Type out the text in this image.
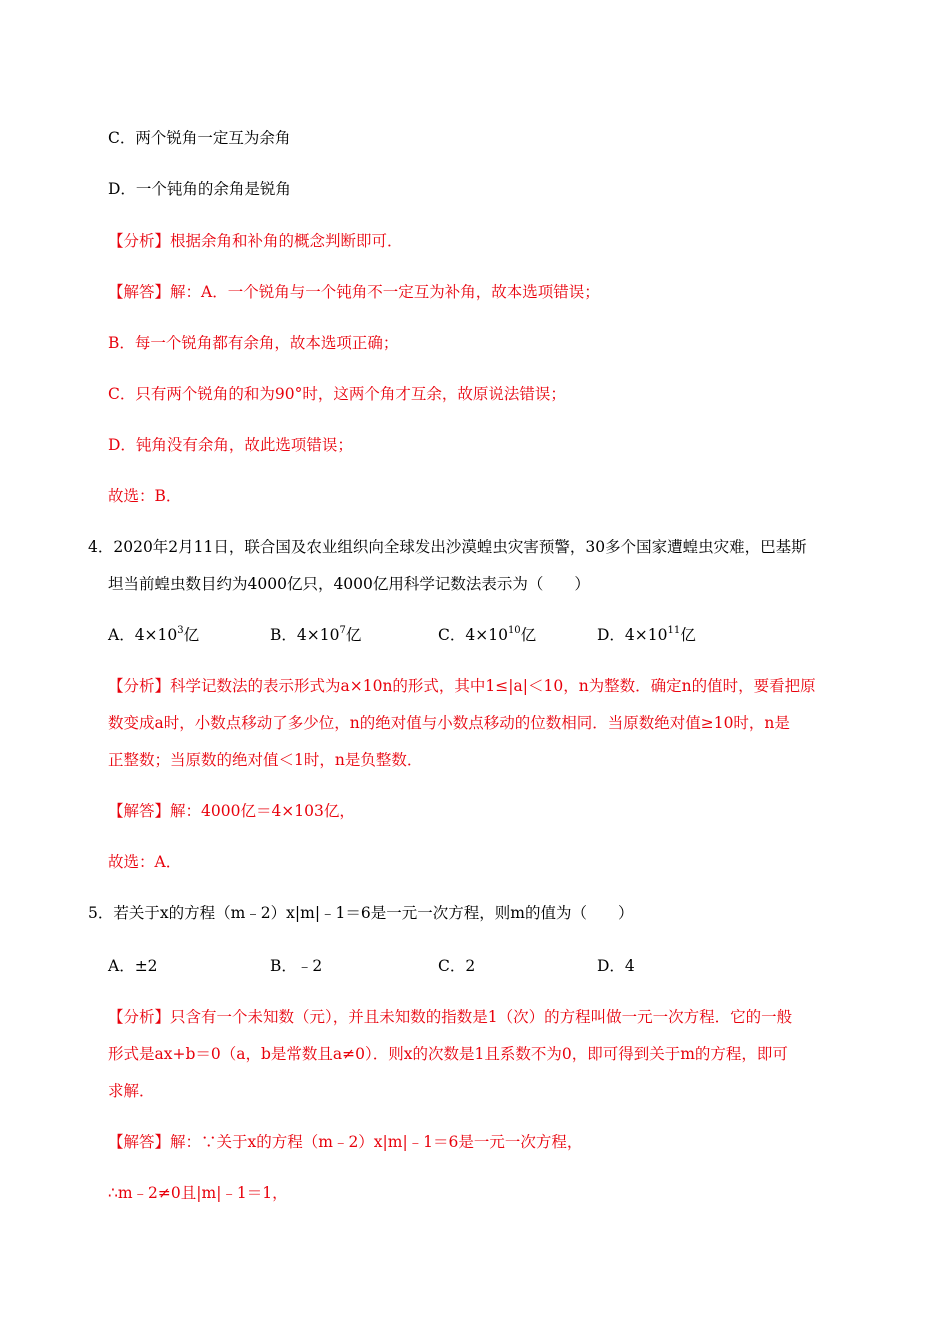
C．两个锐角一定互为余角
D．一个钝角的余角是锐角
【分析】根据余角和补角的概念判断即可．
【解答】解：A．一个锐角与一个钝角不一定互为补角，故本选项错误；
B．每一个锐角都有余角，故本选项正确；
C．只有两个锐角的和为90°时，这两个角才互余，故原说法错误；
D．钝角没有余角，故此选项错误；
故选：B．
4．2020年2月11日，联合国及农业组织向全球发出沙漠蝗虫灾害预警，30多个国家遭蝗虫灾难，巴基斯
坦当前蝗虫数目约为4000亿只，4000亿用科学记数法表示为（　　）
A．$4\times 10^3$亿	B．$4\times 10^7$亿	C．$4\times 10^{10}$亿	D．$4\times 10^{11}$亿
【分析】科学记数法的表示形式为a×10n的形式，其中1≤|a|＜10，n为整数．确定n的值时，要看把原
数变成a时，小数点移动了多少位，n的绝对值与小数点移动的位数相同．当原数绝对值≥10时，n是
正整数；当原数的绝对值＜1时，n是负整数．
【解答】解：4000亿＝4×103亿，
故选：A．
5．若关于x的方程（m﹣2）x|m|﹣1＝6是一元一次方程，则m的值为（　　）
A．±2	B．﹣2	C．2	D．4
【分析】只含有一个未知数（元），并且未知数的指数是1（次）的方程叫做一元一次方程．它的一般
形式是ax+b＝0（a，b是常数且a≠0）．则x的次数是1且系数不为0，即可得到关于m的方程，即可
求解．
【解答】解：∵关于x的方程（m﹣2）x|m|﹣1＝6是一元一次方程，
∴m﹣2≠0且|m|﹣1＝1，
